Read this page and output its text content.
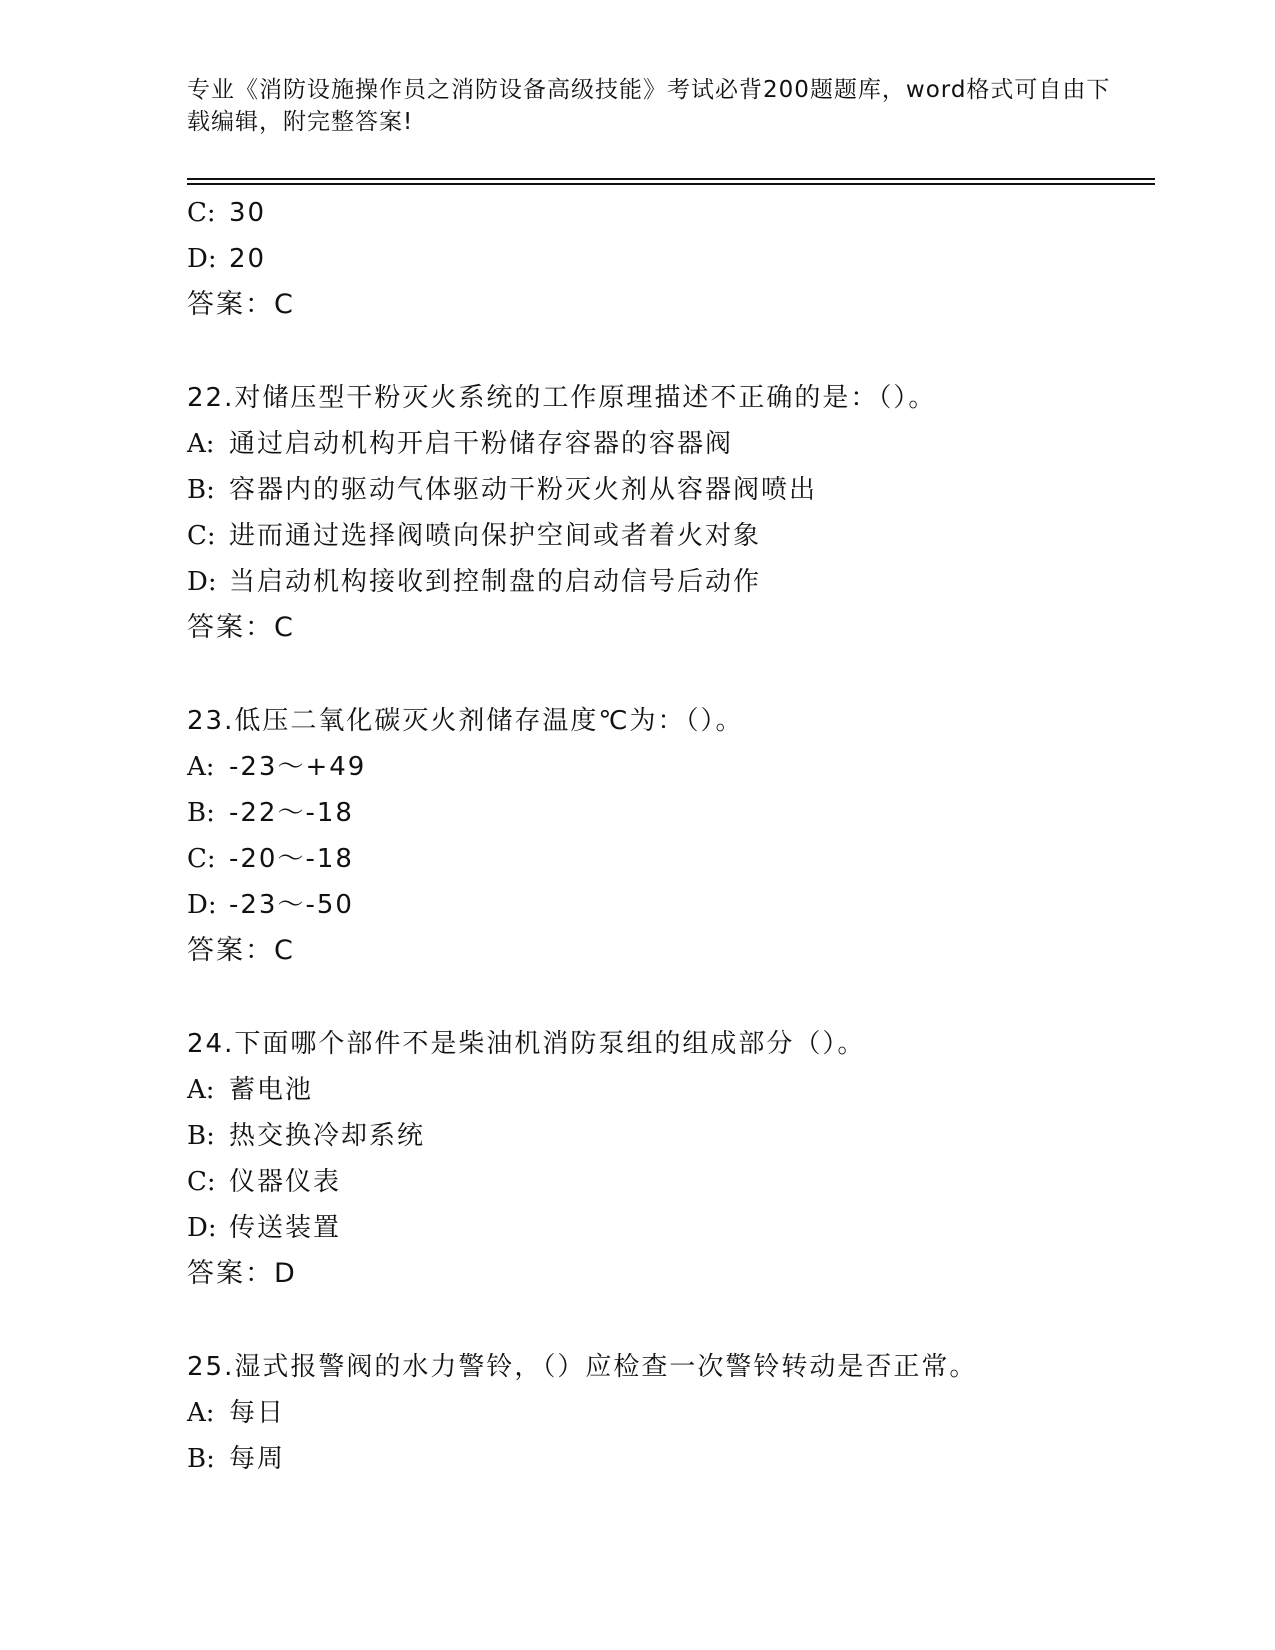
专业《消防设施操作员之消防设备高级技能》考试必背200题题库，word格式可自由下载编辑，附完整答案!
C: 30
D: 20
答案：C
22.对储压型干粉灭火系统的工作原理描述不正确的是：（）。
A: 通过启动机构开启干粉储存容器的容器阀
B: 容器内的驱动气体驱动干粉灭火剂从容器阀喷出
C: 进而通过选择阀喷向保护空间或者着火对象
D: 当启动机构接收到控制盘的启动信号后动作
答案：C
23.低压二氧化碳灭火剂储存温度℃为：（）。
A: -23～+49
B: -22～-18
C: -20～-18
D: -23～-50
答案：C
24.下面哪个部件不是柴油机消防泵组的组成部分（）。
A: 蓄电池
B: 热交换冷却系统
C: 仪器仪表
D: 传送装置
答案：D
25.湿式报警阀的水力警铃，（）应检查一次警铃转动是否正常。
A: 每日
B: 每周
